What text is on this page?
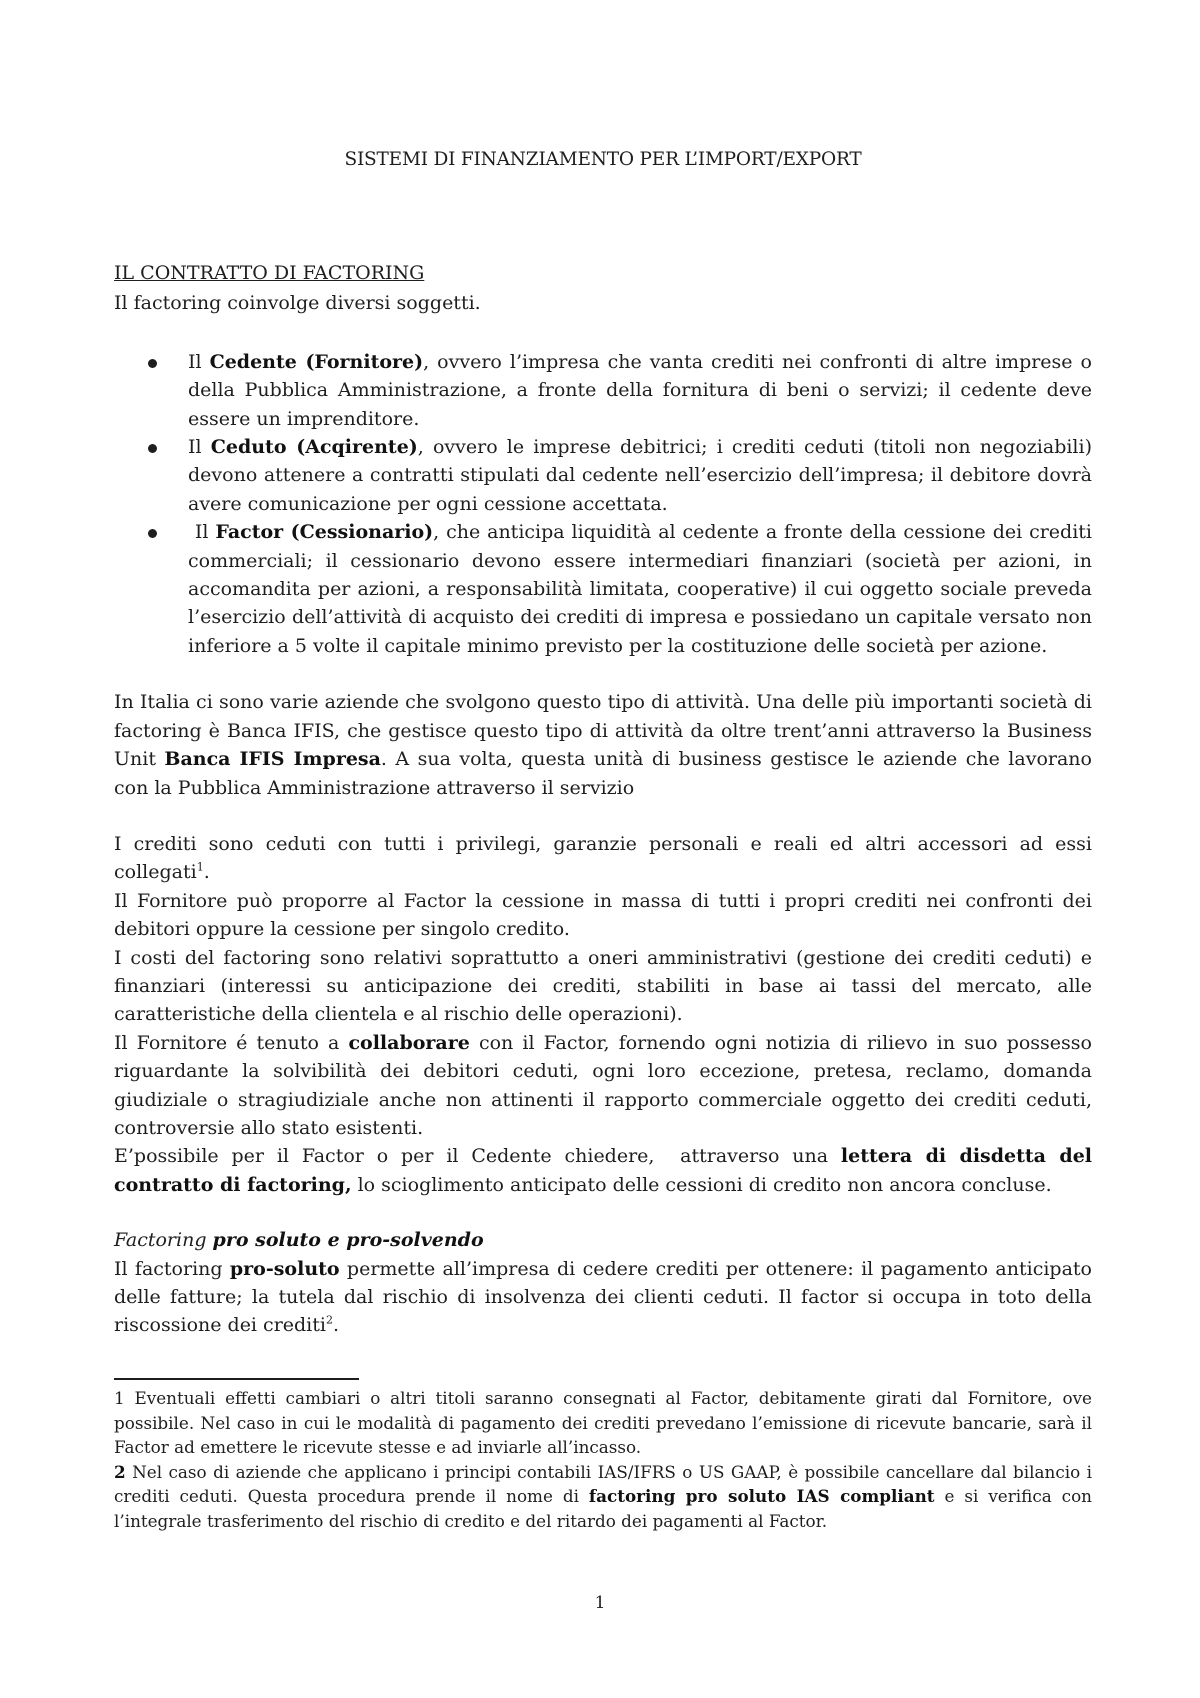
SISTEMI DI FINANZIAMENTO PER L’IMPORT/EXPORT

IL CONTRATTO DI FACTORING

Il factoring coinvolge diversi soggetti.

Il Cedente (Fornitore), ovvero l’impresa che vanta crediti nei confronti di altre imprese o della Pubblica Amministrazione, a fronte della fornitura di beni o servizi; il cedente deve essere un imprenditore.
Il Ceduto (Acqirente), ovvero le imprese debitrici; i crediti ceduti (titoli non negoziabili) devono attenere a contratti stipulati dal cedente nell’esercizio dell’impresa; il debitore dovrà avere comunicazione per ogni cessione accettata.
Il Factor (Cessionario), che anticipa liquidità al cedente a fronte della cessione dei crediti commerciali; il cessionario devono essere intermediari finanziari (società per azioni, in accomandita per azioni, a responsabilità limitata, cooperative) il cui oggetto sociale preveda l’esercizio dell’attività di acquisto dei crediti di impresa e possiedano un capitale versato non inferiore a 5 volte il capitale minimo previsto per la costituzione delle società per azione.

In Italia ci sono varie aziende che svolgono questo tipo di attività. Una delle più importanti società di factoring è Banca IFIS, che gestisce questo tipo di attività da oltre trent’anni attraverso la Business Unit Banca IFIS Impresa. A sua volta, questa unità di business gestisce le aziende che lavorano con la Pubblica Amministrazione attraverso il servizio

I crediti sono ceduti con tutti i privilegi, garanzie personali e reali ed altri accessori ad essi collegati$^1$.

Il Fornitore può proporre al Factor la cessione in massa di tutti i propri crediti nei confronti dei debitori oppure la cessione per singolo credito.

I costi del factoring sono relativi soprattutto a oneri amministrativi (gestione dei crediti ceduti) e finanziari (interessi su anticipazione dei crediti, stabiliti in base ai tassi del mercato, alle caratteristiche della clientela e al rischio delle operazioni).

Il Fornitore é tenuto a collaborare con il Factor, fornendo ogni notizia di rilievo in suo possesso riguardante la solvibilità dei debitori ceduti, ogni loro eccezione, pretesa, reclamo, domanda giudiziale o stragiudiziale anche non attinenti il rapporto commerciale oggetto dei crediti ceduti, controversie allo stato esistenti.

E’possibile per il Factor o per il Cedente chiedere,  attraverso una lettera di disdetta del contratto di factoring, lo scioglimento anticipato delle cessioni di credito non ancora concluse.

Factoring pro soluto e pro-solvendo

Il factoring pro-soluto permette all’impresa di cedere crediti per ottenere: il pagamento anticipato delle fatture; la tutela dal rischio di insolvenza dei clienti ceduti. Il factor si occupa in toto della riscossione dei crediti$^2$.

1 Eventuali effetti cambiari o altri titoli saranno consegnati al Factor, debitamente girati dal Fornitore, ove possibile. Nel caso in cui le modalità di pagamento dei crediti prevedano l’emissione di ricevute bancarie, sarà il Factor ad emettere le ricevute stesse e ad inviarle all’incasso.

2 Nel caso di aziende che applicano i principi contabili IAS/IFRS o US GAAP, è possibile cancellare dal bilancio i crediti ceduti. Questa procedura prende il nome di factoring pro soluto IAS compliant e si verifica con l’integrale trasferimento del rischio di credito e del ritardo dei pagamenti al Factor.

1
